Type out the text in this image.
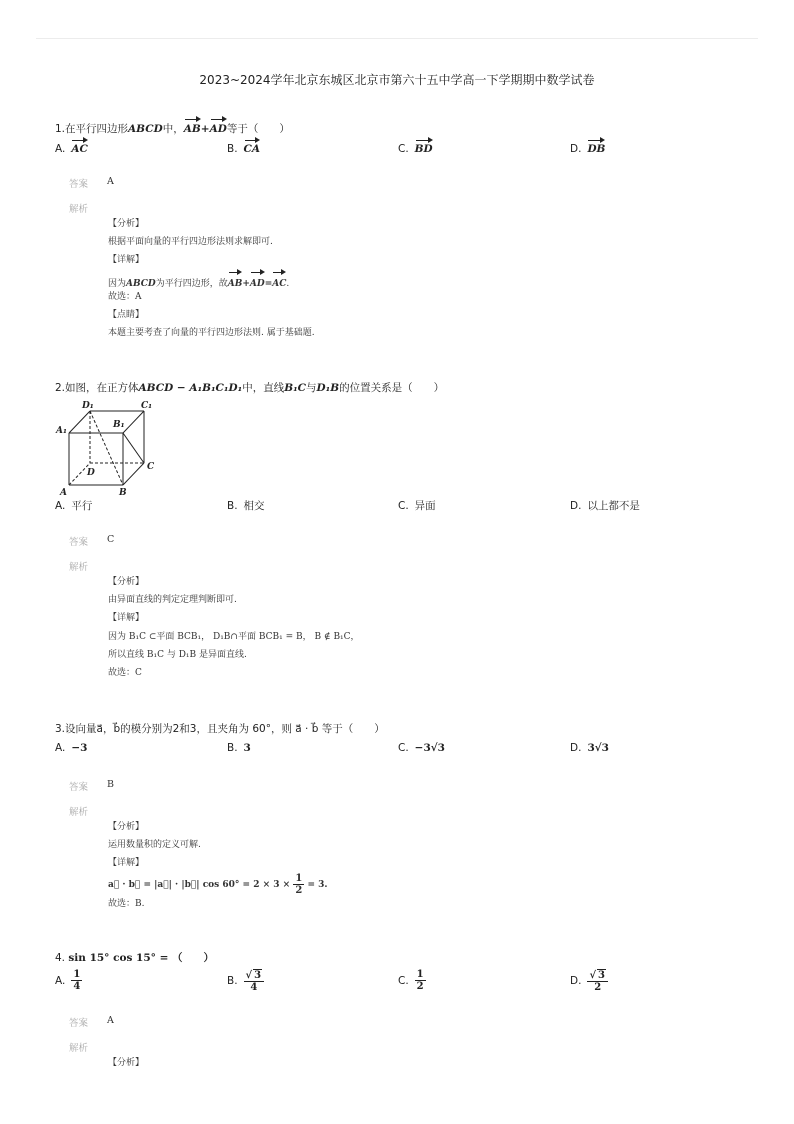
2023~2024学年北京东城区北京市第六十五中学高一下学期期中数学试卷
1.在平行四边形ABCD中，AB+AD等于（　　）
A. AC	B. CA	C. BD	D. DB
答案 A
解析
【分析】
根据平面向量的平行四边形法则求解即可.
【详解】
因为ABCD为平行四边形，故AB+AD=AC.
故选：A
【点睛】
本题主要考查了向量的平行四边形法则. 属于基础题.
2.如图，在正方体ABCD − A₁B₁C₁D₁中，直线B₁C与D₁B的位置关系是（　　）
D₁	C₁
A₁
B₁
D
C
A	B
A. 平行	B. 相交	C. 异面	D. 以上都不是
答案 C
解析
【分析】
由异面直线的判定定理判断即可.
【详解】
因为 B₁C ⊂平面 BCB₁， D₁B∩平面 BCB₁ = B， B ∉ B₁C，
所以直线 B₁C 与 D₁B 是异面直线.
故选：C
3.设向量a⃗，b⃗的模分别为2和3，且夹角为 60°，则 a⃗ · b⃗ 等于（　　）
A. −3	B. 3	C. −3√3	D. 3√3
答案 B
解析
【分析】
运用数量积的定义可解.
【详解】
a⃗ · b⃗ = |a⃗| · |b⃗| $\cos 60^\circ = 2 \times 3 \times \frac{1}{2} = 3$.
故选：B.
4. sin 15° cos 15° = （　　）
A. $\frac{1}{4}$	B. $\frac{√ 3}{4}$	C. $\frac{1}{2}$	D. $\frac{√ 3}{2}$
答案 A
解析
【分析】
